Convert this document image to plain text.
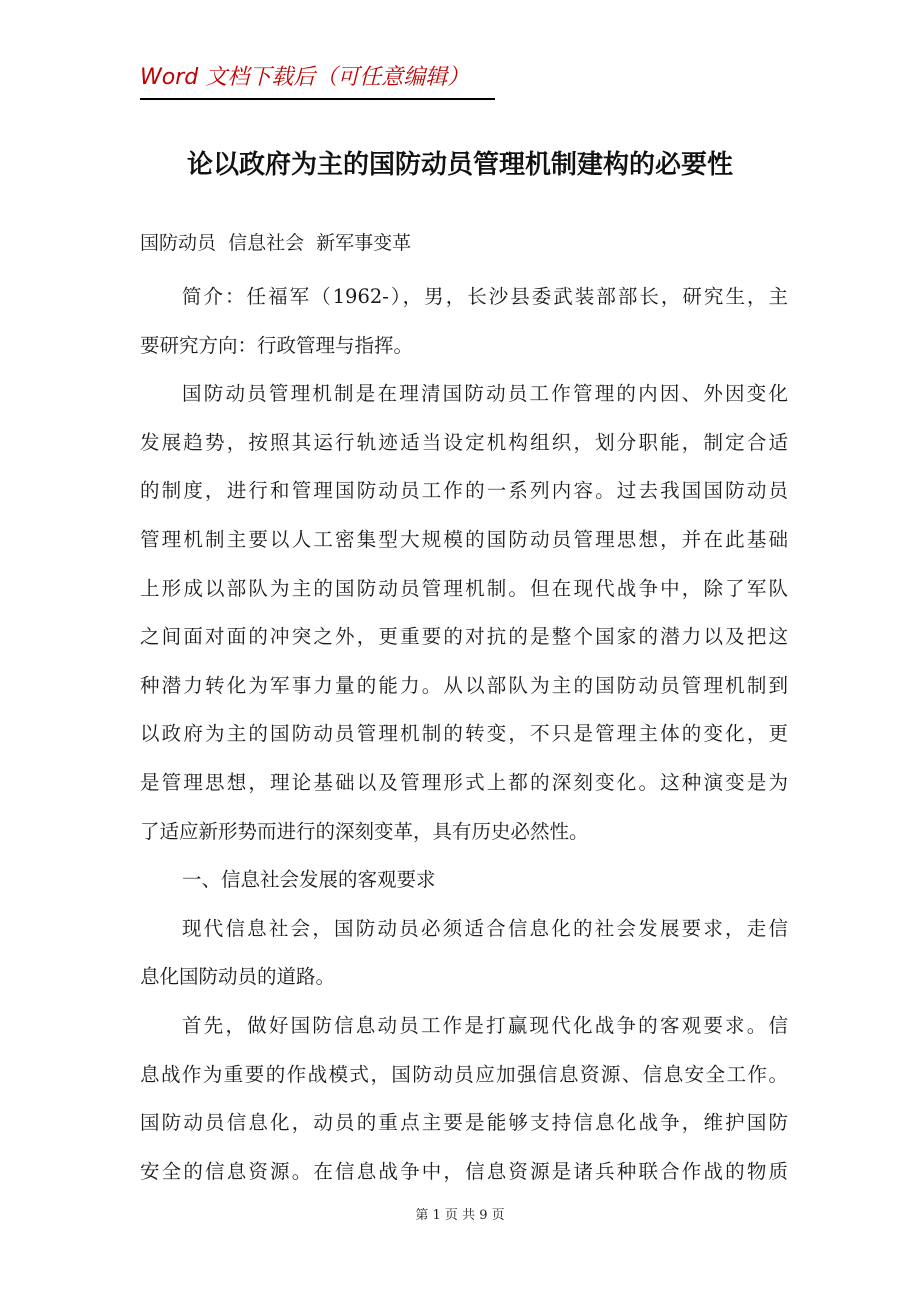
Word 文档下载后（可任意编辑）
论以政府为主的国防动员管理机制建构的必要性
国防动员  信息社会  新军事变革

简介：任福军（1962-），男，长沙县委武装部部长，研究生，主
要研究方向：行政管理与指挥。

国防动员管理机制是在理清国防动员工作管理的内因、外因变化
发展趋势，按照其运行轨迹适当设定机构组织，划分职能，制定合适
的制度，进行和管理国防动员工作的一系列内容。过去我国国防动员
管理机制主要以人工密集型大规模的国防动员管理思想，并在此基础
上形成以部队为主的国防动员管理机制。但在现代战争中，除了军队
之间面对面的冲突之外，更重要的对抗的是整个国家的潜力以及把这
种潜力转化为军事力量的能力。从以部队为主的国防动员管理机制到
以政府为主的国防动员管理机制的转变，不只是管理主体的变化，更
是管理思想，理论基础以及管理形式上都的深刻变化。这种演变是为
了适应新形势而进行的深刻变革，具有历史必然性。

一、信息社会发展的客观要求

现代信息社会，国防动员必须适合信息化的社会发展要求，走信
息化国防动员的道路。

首先，做好国防信息动员工作是打赢现代化战争的客观要求。信
息战作为重要的作战模式，国防动员应加强信息资源、信息安全工作。
国防动员信息化，动员的重点主要是能够支持信息化战争，维护国防
安全的信息资源。在信息战争中，信息资源是诸兵种联合作战的物质

第 1 页 共 9 页
